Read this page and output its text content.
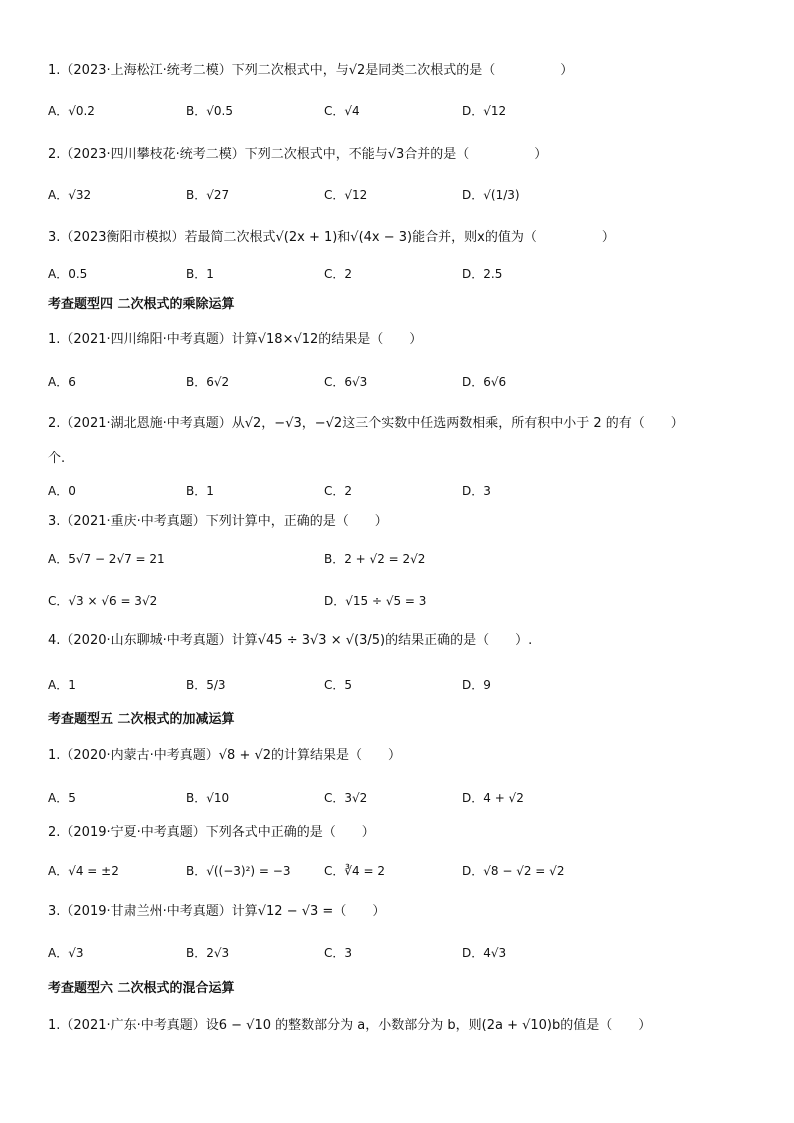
1.（2023·上海松江·统考二模）下列二次根式中，与√2是同类二次根式的是（　　　　　）
A．√0.2	B．√0.5	C．√4	D．√12
2.（2023·四川攀枝花·统考二模）下列二次根式中，不能与√3合并的是（　　　　　）
A．√32	B．√27	C．√12	D．√(1/3)
3.（2023衡阳市模拟）若最简二次根式√(2x + 1)和√(4x − 3)能合并，则x的值为（　　　　　）
A．0.5	B．1	C．2	D．2.5
考查题型四 二次根式的乘除运算
1.（2021·四川绵阳·中考真题）计算√18×√12的结果是（　　）
A．6	B．6√2	C．6√3	D．6√6
2.（2021·湖北恩施·中考真题）从√2，−√3，−√2这三个实数中任选两数相乘，所有积中小于 2 的有（　　）
个.
A．0	B．1	C．2	D．3
3.（2021·重庆·中考真题）下列计算中，正确的是（　　）
A．5√7 − 2√7 = 21	B．2 + √2 = 2√2
C．√3 × √6 = 3√2	D．√15 ÷ √5 = 3
4.（2020·山东聊城·中考真题）计算√45 ÷ 3√3 × √(3/5)的结果正确的是（　　）.
A．1	B．5/3	C．5	D．9
考查题型五 二次根式的加减运算
1.（2020·内蒙古·中考真题）√8 + √2的计算结果是（　　）
A．5	B．√10	C．3√2	D．4 + √2
2.（2019·宁夏·中考真题）下列各式中正确的是（　　）
A．√4 = ±2	B．√((−3)²) = −3	C．∛4 = 2	D．√8 − √2 = √2
3.（2019·甘肃兰州·中考真题）计算√12 − √3 =（　　）
A．√3	B．2√3	C．3	D．4√3
考查题型六 二次根式的混合运算
1.（2021·广东·中考真题）设6 − √10 的整数部分为 a，小数部分为 b，则(2a + √10)b的值是（　　）
